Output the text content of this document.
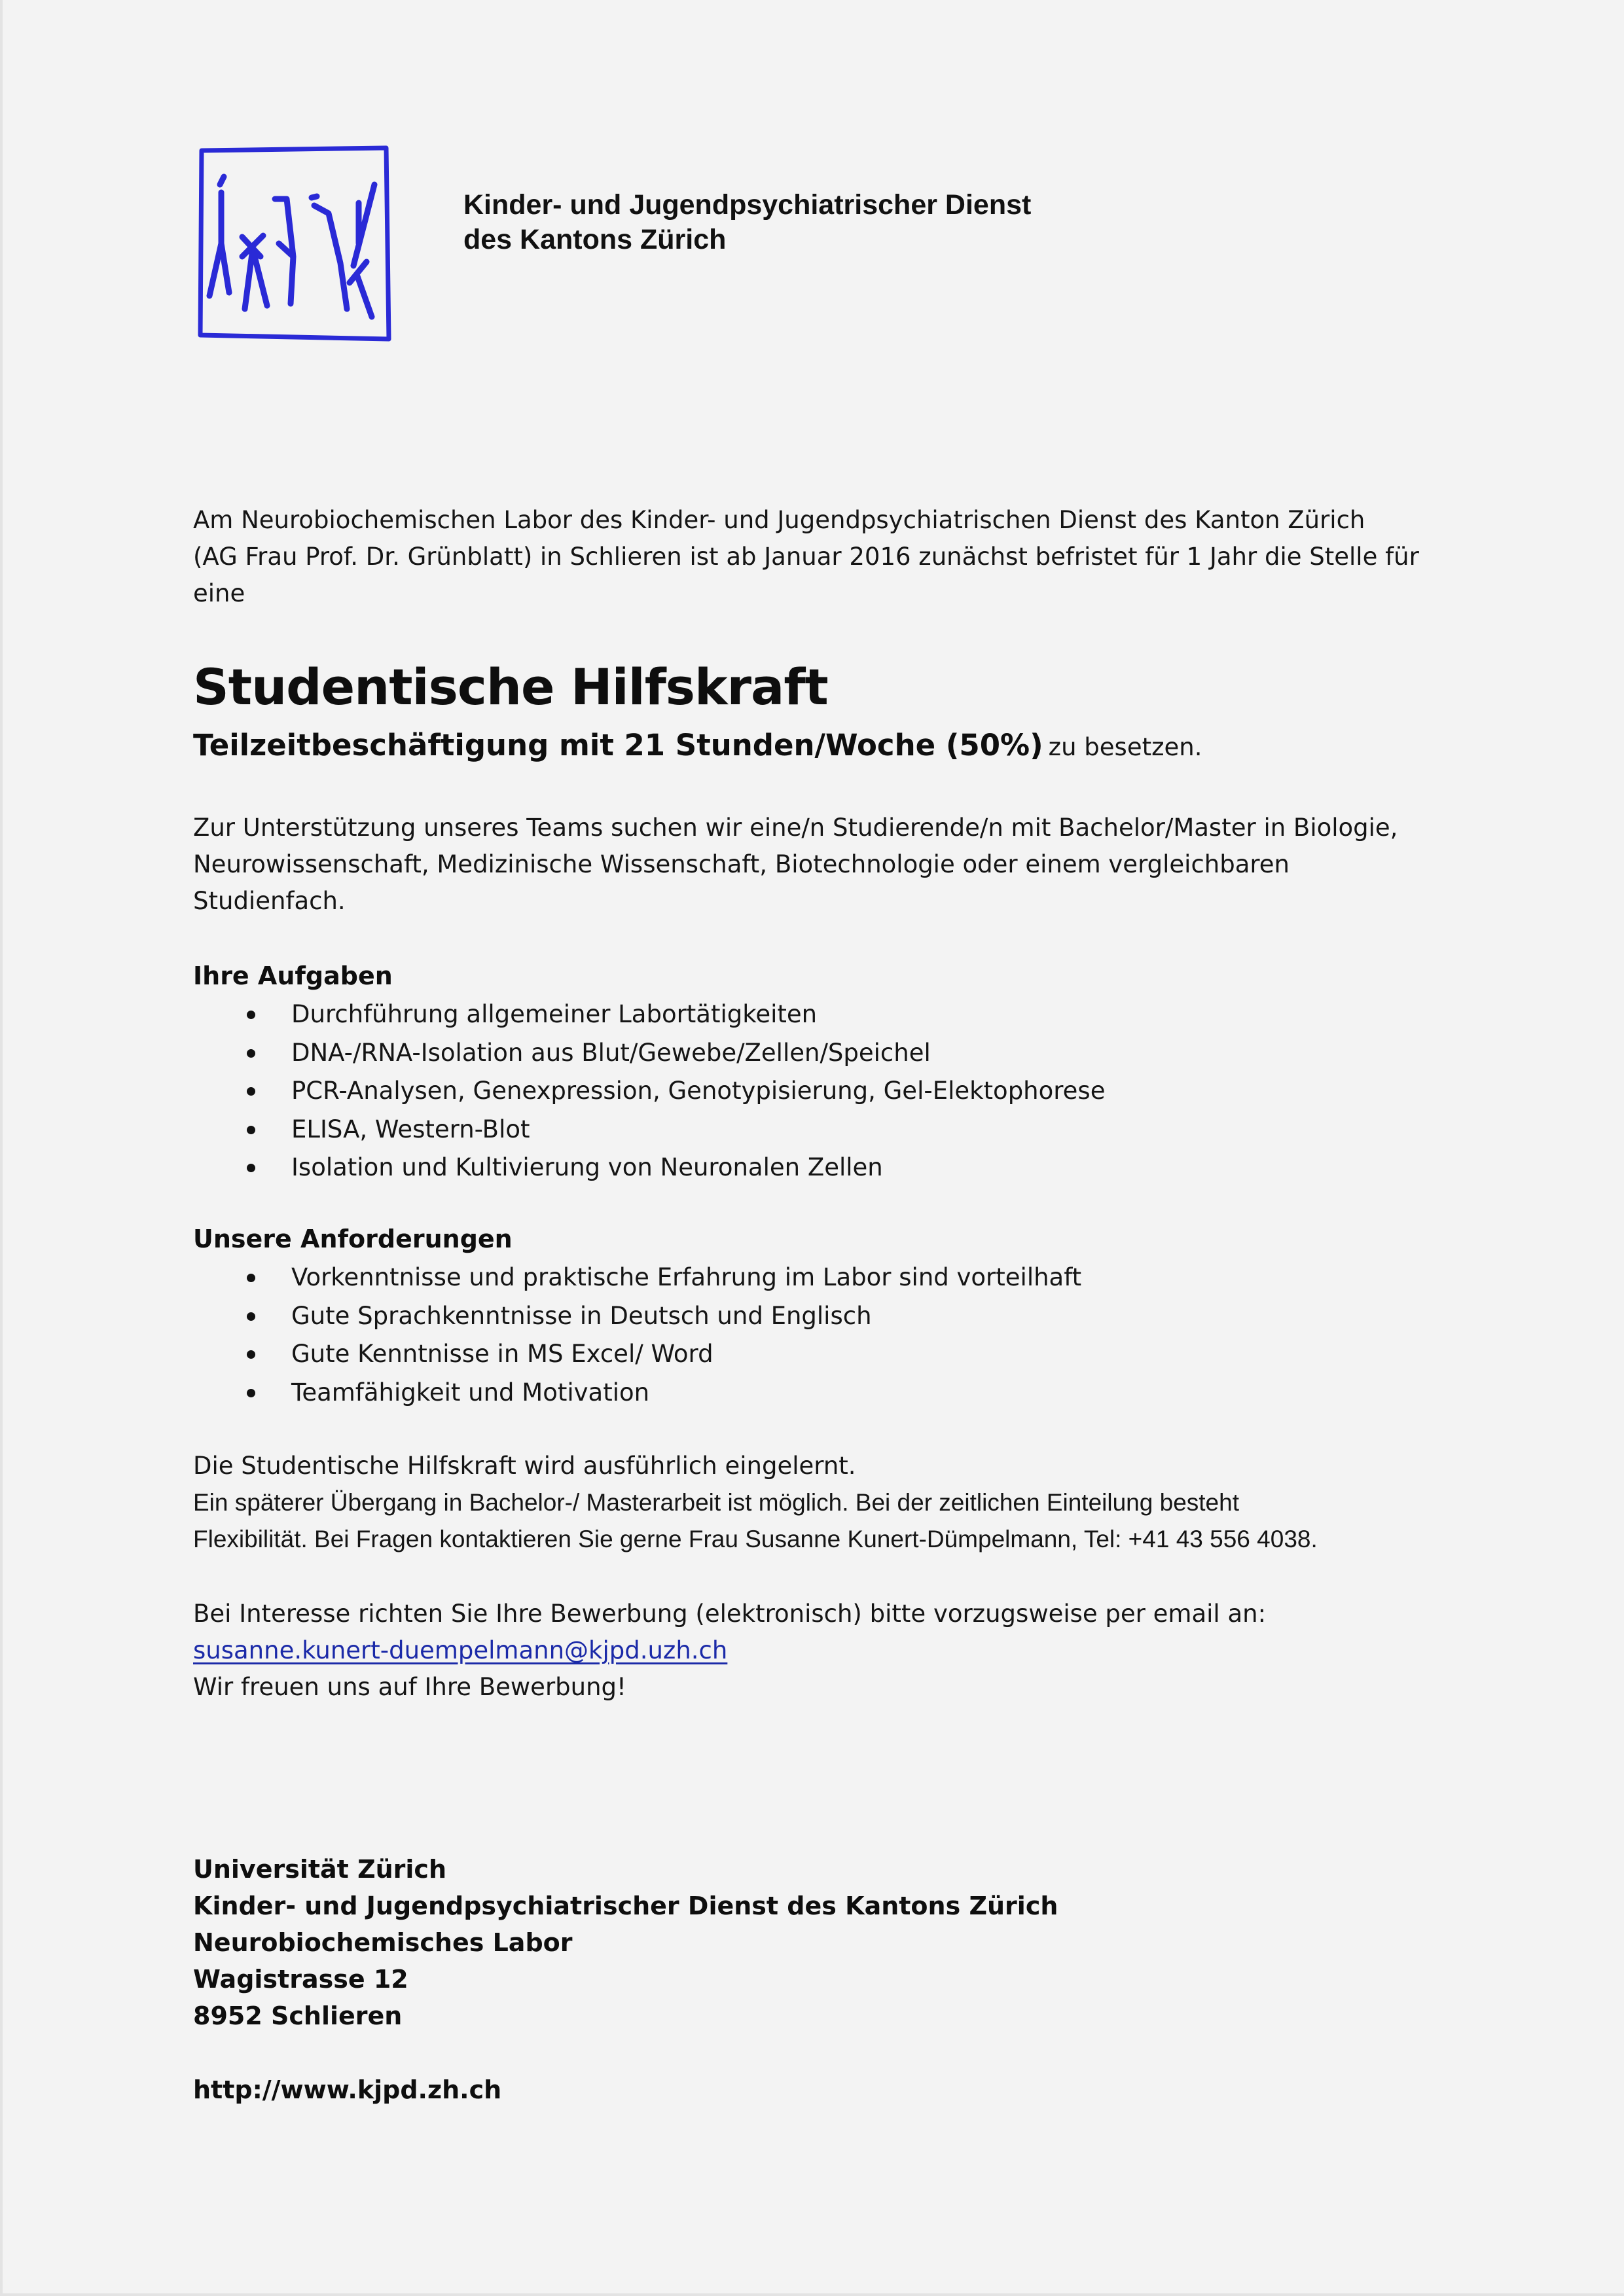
Kinder- und Jugendpsychiatrischer Dienst
des Kantons Zürich

Am Neurobiochemischen Labor des Kinder- und Jugendpsychiatrischen Dienst des Kanton Zürich

(AG Frau Prof. Dr. Grünblatt) in Schlieren ist ab Januar 2016 zunächst befristet für 1 Jahr die Stelle für

eine

Studentische Hilfskraft
Teilzeitbeschäftigung mit 21 Stunden/Woche (50%) zu besetzen.

Zur Unterstützung unseres Teams suchen wir eine/n Studierende/n mit Bachelor/Master in Biologie,

Neurowissenschaft, Medizinische Wissenschaft, Biotechnologie oder einem vergleichbaren

Studienfach.

Ihre Aufgaben
Durchführung allgemeiner Labortätigkeiten
DNA-/RNA-Isolation aus Blut/Gewebe/Zellen/Speichel
PCR-Analysen, Genexpression, Genotypisierung, Gel-Elektophorese
ELISA, Western-Blot
Isolation und Kultivierung von Neuronalen Zellen
Unsere Anforderungen
Vorkenntnisse und praktische Erfahrung im Labor sind vorteilhaft
Gute Sprachkenntnisse in Deutsch und Englisch
Gute Kenntnisse in MS Excel/ Word
Teamfähigkeit und Motivation

Die Studentische Hilfskraft wird ausführlich eingelernt.

Ein späterer Übergang in Bachelor-/ Masterarbeit ist möglich. Bei der zeitlichen Einteilung besteht

Flexibilität. Bei Fragen kontaktieren Sie gerne Frau Susanne Kunert-Dümpelmann, Tel: +41 43 556 4038.

Bei Interesse richten Sie Ihre Bewerbung (elektronisch) bitte vorzugsweise per email an:

susanne.kunert-duempelmann@kjpd.uzh.ch

Wir freuen uns auf Ihre Bewerbung!

Universität Zürich
Kinder- und Jugendpsychiatrischer Dienst des Kantons Zürich
Neurobiochemisches Labor
Wagistrasse 12
8952 Schlieren
http://www.kjpd.zh.ch
